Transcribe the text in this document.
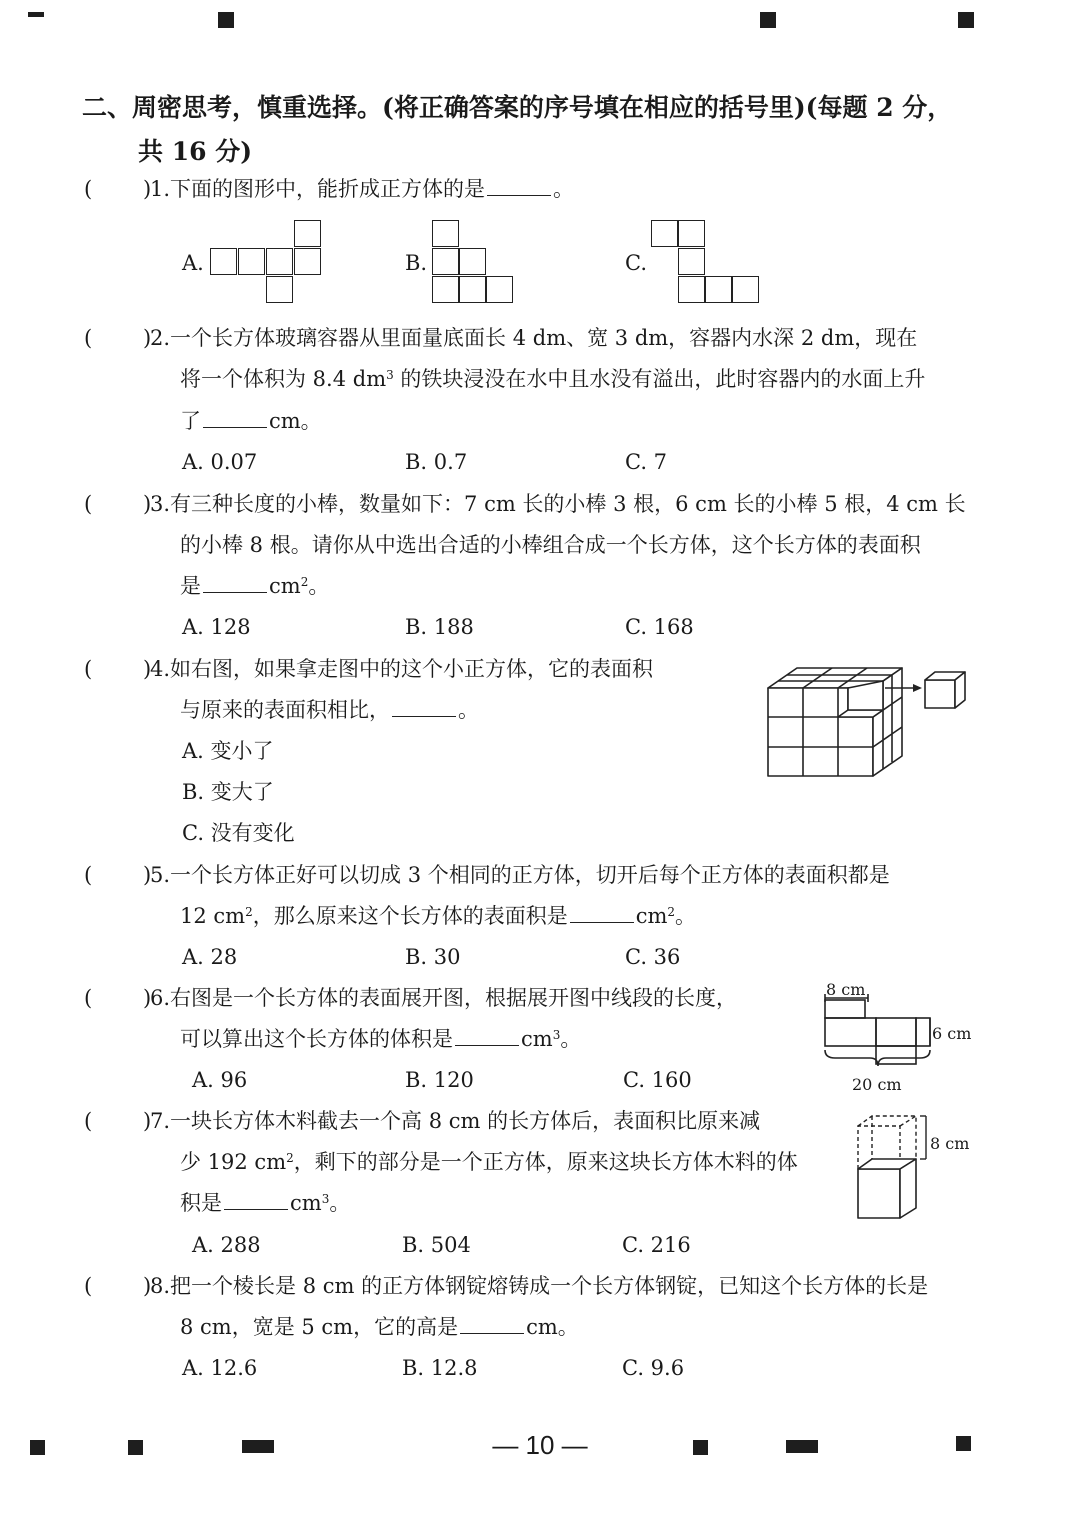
二、周密思考，慎重选择。(将正确答案的序号填在相应的括号里)(每题 2 分，
共 16 分)
( )
1.下面的图形中，能折成正方体的是	。
A.	B.	C.
( )
2.一个长方体玻璃容器从里面量底面长 4 dm、宽 3 dm，容器内水深 2 dm，现在
将一个体积为 8.4 $dm^3$ 的铁块浸没在水中且水没有溢出，此时容器内的水面上升
了	cm。
A. 0.07	B. 0.7	C. 7
( )
3.有三种长度的小棒，数量如下：7 cm 长的小棒 3 根，6 cm 长的小棒 5 根，4 cm 长
的小棒 8 根。请你从中选出合适的小棒组合成一个长方体，这个长方体的表面积
是	$cm^2$。
A. 128	B. 188	C. 168
( )
4.如右图，如果拿走图中的这个小正方体，它的表面积
与原来的表面积相比，	。
A. 变小了
B. 变大了
C. 没有变化
( )
5.一个长方体正好可以切成 3 个相同的正方体，切开后每个正方体的表面积都是
12 $cm^2$，那么原来这个长方体的表面积是	$cm^2$。
A. 28	B. 30	C. 36
( )
6.右图是一个长方体的表面展开图，根据展开图中线段的长度，
可以算出这个长方体的体积是	$cm^3$。
A. 96	B. 120	C. 160
8 cm
6 cm
20 cm
( )
7.一块长方体木料截去一个高 8 cm 的长方体后，表面积比原来减
少 192 $cm^2$，剩下的部分是一个正方体，原来这块长方体木料的体
积是	$cm^3$。
A. 288	B. 504	C. 216
8 cm
( )
8.把一个棱长是 8 cm 的正方体钢锭熔铸成一个长方体钢锭，已知这个长方体的长是
8 cm，宽是 5 cm，它的高是	cm。
A. 12.6	B. 12.8	C. 9.6
— 10 —
